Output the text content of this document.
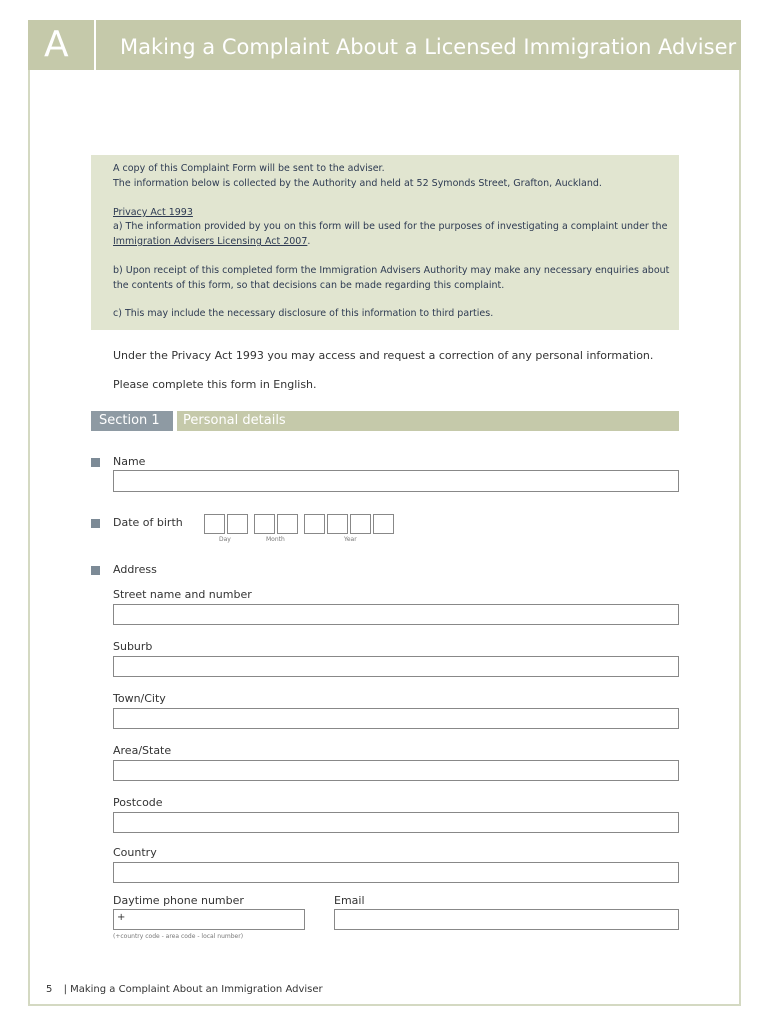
A Making a Complaint About a Licensed Immigration Adviser

A copy of this Complaint Form will be sent to the adviser.

The information below is collected by the Authority and held at 52 Symonds Street, Grafton, Auckland.

Privacy Act 1993

a) The information provided by you on this form will be used for the purposes of investigating a complaint under the Immigration Advisers Licensing Act 2007.

b) Upon receipt of this completed form the Immigration Advisers Authority may make any necessary enquiries about the contents of this form, so that decisions can be made regarding this complaint.

c) This may include the necessary disclosure of this information to third parties.

Under the Privacy Act 1993 you may access and request a correction of any personal information.

Please complete this form in English.

Section 1 Personal details

Name

Date of birth

Day	Month	Year

Address

Street name and number

Suburb

Town/City

Area/State

Postcode

Country

Daytime phone number

+

(+country code - area code - local number)

Email

5 | Making a Complaint About an Immigration Adviser
